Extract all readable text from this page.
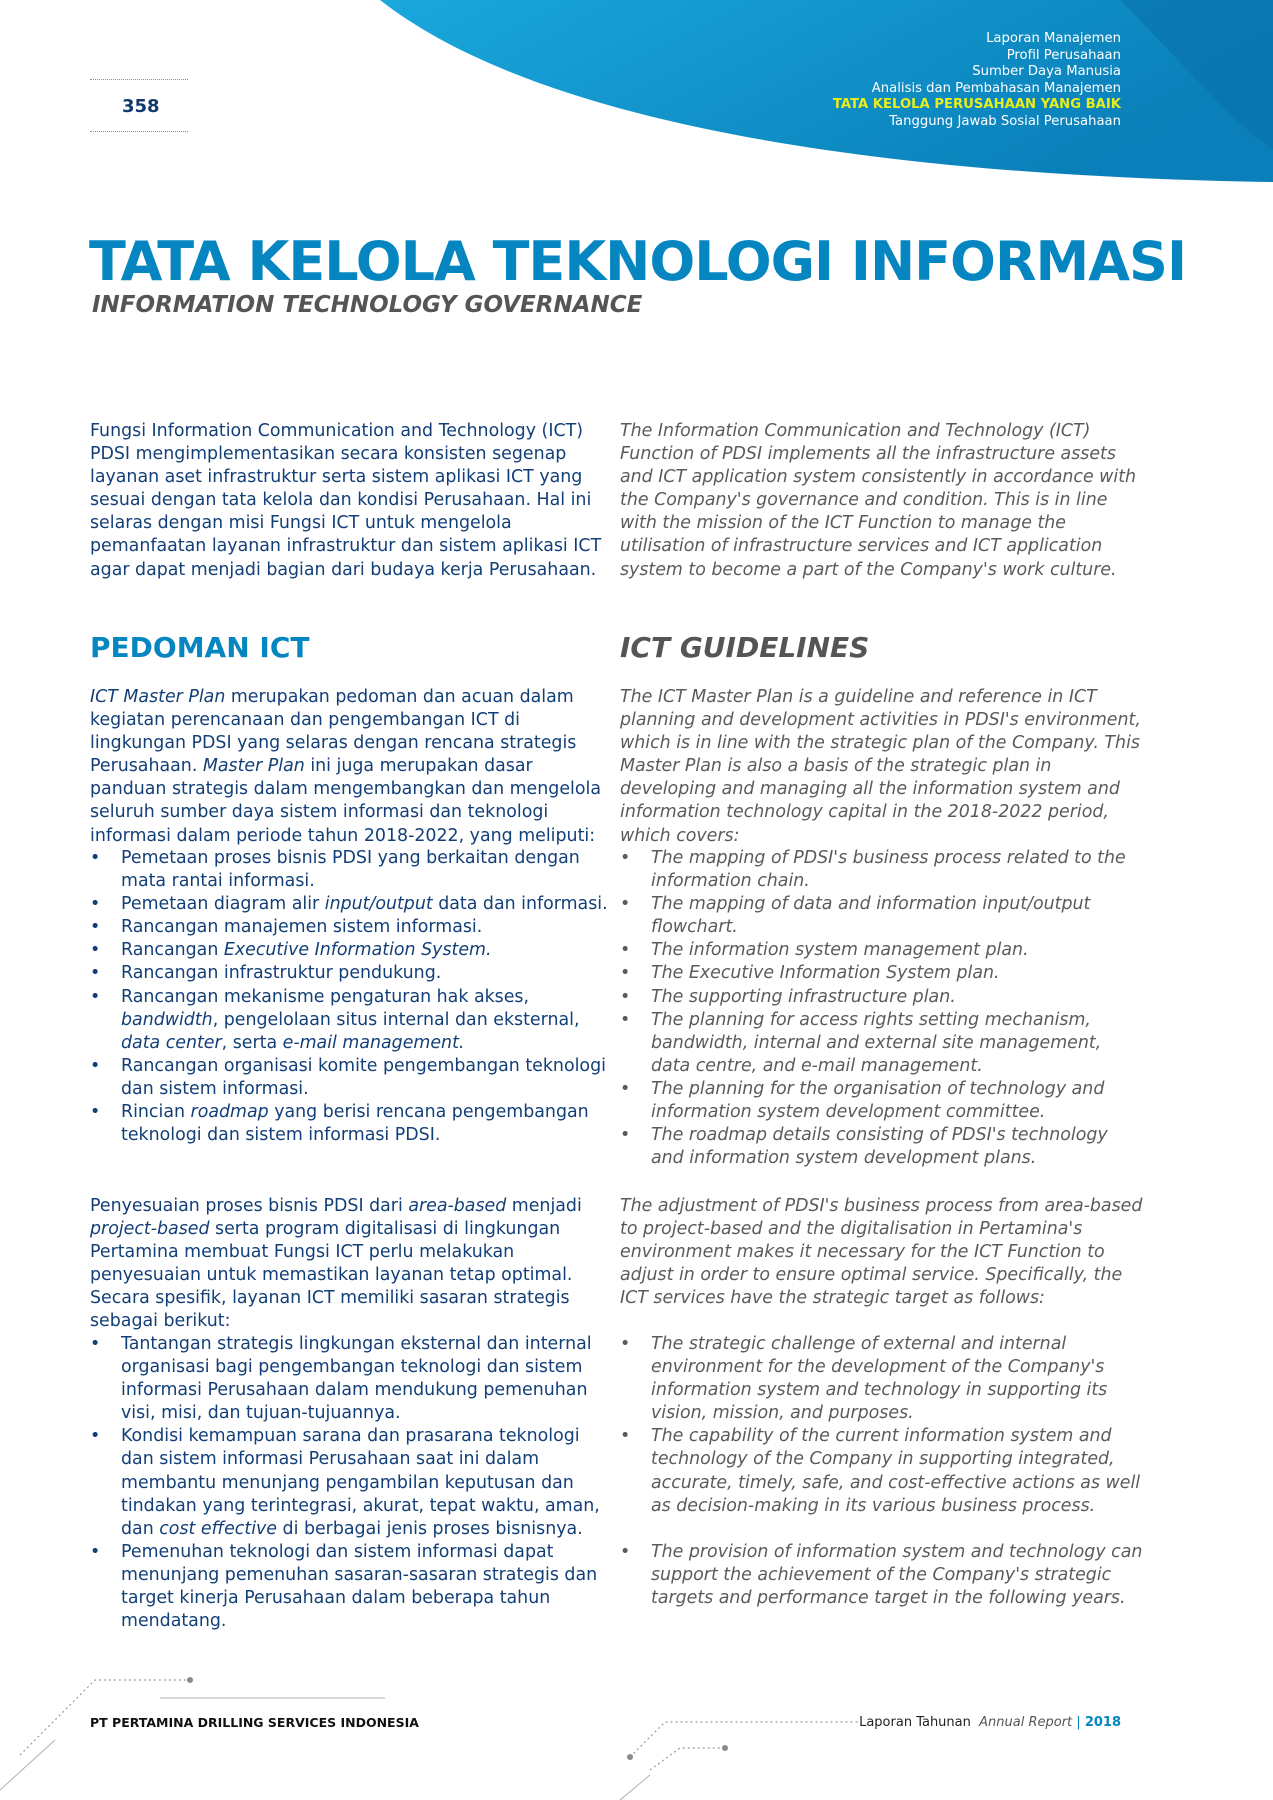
358
Laporan Manajemen
Profil Perusahaan
Sumber Daya Manusia
Analisis dan Pembahasan Manajemen
TATA KELOLA PERUSAHAAN YANG BAIK
Tanggung Jawab Sosial Perusahaan
TATA KELOLA TEKNOLOGI INFORMASI
INFORMATION TECHNOLOGY GOVERNANCE
Fungsi Information Communication and Technology (ICT) PDSI mengimplementasikan secara konsisten segenap layanan aset infrastruktur serta sistem aplikasi ICT yang sesuai dengan tata kelola dan kondisi Perusahaan. Hal ini selaras dengan misi Fungsi ICT untuk mengelola pemanfaatan layanan infrastruktur dan sistem aplikasi ICT agar dapat menjadi bagian dari budaya kerja Perusahaan.
PEDOMAN ICT
ICT Master Plan merupakan pedoman dan acuan dalam kegiatan perencanaan dan pengembangan ICT di lingkungan PDSI yang selaras dengan rencana strategis Perusahaan. Master Plan ini juga merupakan dasar panduan strategis dalam mengembangkan dan mengelola seluruh sumber daya sistem informasi dan teknologi informasi dalam periode tahun 2018-2022, yang meliputi:
• Pemetaan proses bisnis PDSI yang berkaitan dengan mata rantai informasi.
• Pemetaan diagram alir input/output data dan informasi.
• Rancangan manajemen sistem informasi.
• Rancangan Executive Information System.
• Rancangan infrastruktur pendukung.
• Rancangan mekanisme pengaturan hak akses, bandwidth, pengelolaan situs internal dan eksternal, data center, serta e-mail management.
• Rancangan organisasi komite pengembangan teknologi dan sistem informasi.
• Rincian roadmap yang berisi rencana pengembangan teknologi dan sistem informasi PDSI.
Penyesuaian proses bisnis PDSI dari area-based menjadi project-based serta program digitalisasi di lingkungan Pertamina membuat Fungsi ICT perlu melakukan penyesuaian untuk memastikan layanan tetap optimal. Secara spesifik, layanan ICT memiliki sasaran strategis sebagai berikut:
• Tantangan strategis lingkungan eksternal dan internal organisasi bagi pengembangan teknologi dan sistem informasi Perusahaan dalam mendukung pemenuhan visi, misi, dan tujuan-tujuannya.
• Kondisi kemampuan sarana dan prasarana teknologi dan sistem informasi Perusahaan saat ini dalam membantu menunjang pengambilan keputusan dan tindakan yang terintegrasi, akurat, tepat waktu, aman, dan cost effective di berbagai jenis proses bisnisnya.
• Pemenuhan teknologi dan sistem informasi dapat menunjang pemenuhan sasaran-sasaran strategis dan target kinerja Perusahaan dalam beberapa tahun mendatang.
The Information Communication and Technology (ICT) Function of PDSI implements all the infrastructure assets and ICT application system consistently in accordance with the Company's governance and condition. This is in line with the mission of the ICT Function to manage the utilisation of infrastructure services and ICT application system to become a part of the Company's work culture.
ICT GUIDELINES
The ICT Master Plan is a guideline and reference in ICT planning and development activities in PDSI's environment, which is in line with the strategic plan of the Company. This Master Plan is also a basis of the strategic plan in developing and managing all the information system and information technology capital in the 2018-2022 period, which covers:
• The mapping of PDSI's business process related to the information chain.
• The mapping of data and information input/output flowchart.
• The information system management plan.
• The Executive Information System plan.
• The supporting infrastructure plan.
• The planning for access rights setting mechanism, bandwidth, internal and external site management, data centre, and e-mail management.
• The planning for the organisation of technology and information system development committee.
• The roadmap details consisting of PDSI's technology and information system development plans.
The adjustment of PDSI's business process from area-based to project-based and the digitalisation in Pertamina's environment makes it necessary for the ICT Function to adjust in order to ensure optimal service. Specifically, the ICT services have the strategic target as follows:
• The strategic challenge of external and internal environment for the development of the Company's information system and technology in supporting its vision, mission, and purposes.
• The capability of the current information system and technology of the Company in supporting integrated, accurate, timely, safe, and cost-effective actions as well as decision-making in its various business process.
• The provision of information system and technology can support the achievement of the Company's strategic targets and performance target in the following years.
PT PERTAMINA DRILLING SERVICES INDONESIA	Laporan Tahunan Annual Report | 2018
